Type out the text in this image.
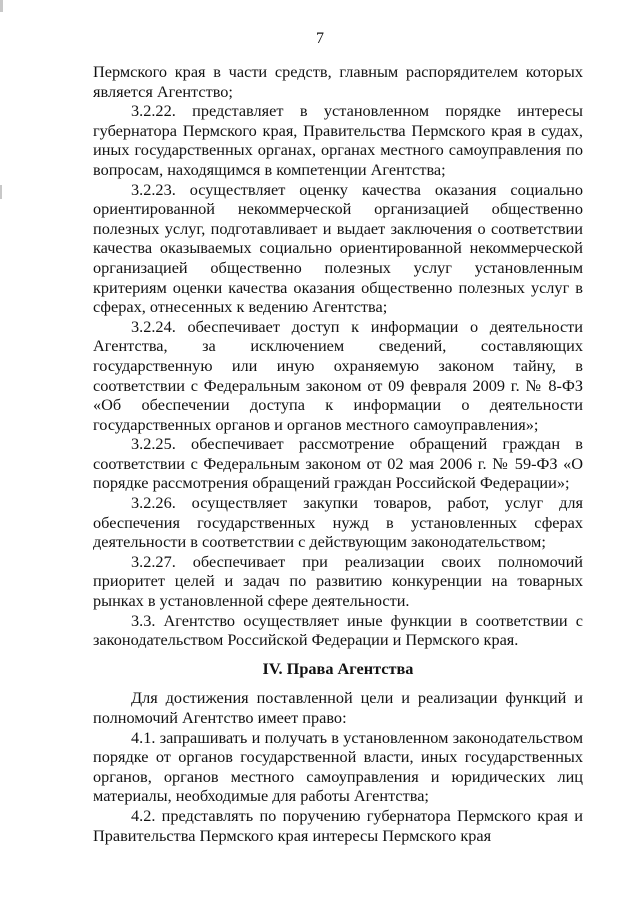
7

Пермского края в части средств, главным распорядителем которых является Агентство;

3.2.22. представляет в установленном порядке интересы губернатора Пермского края, Правительства Пермского края в судах, иных государственных органах, органах местного самоуправления по вопросам, находящимся в компетенции Агентства;

3.2.23. осуществляет оценку качества оказания социально ориентированной некоммерческой организацией общественно полезных услуг, подготавливает и выдает заключения о соответствии качества оказываемых социально ориентированной некоммерческой организацией общественно полезных услуг установленным критериям оценки качества оказания общественно полезных услуг в сферах, отнесенных к ведению Агентства;

3.2.24. обеспечивает доступ к информации о деятельности Агентства, за исключением сведений, составляющих государственную или иную охраняемую законом тайну, в соответствии с Федеральным законом от 09 февраля 2009 г. № 8-ФЗ «Об обеспечении доступа к информации о деятельности государственных органов и органов местного самоуправления»;

3.2.25. обеспечивает рассмотрение обращений граждан в соответствии с Федеральным законом от 02 мая 2006 г. № 59-ФЗ «О порядке рассмотрения обращений граждан Российской Федерации»;

3.2.26. осуществляет закупки товаров, работ, услуг для обеспечения государственных нужд в установленных сферах деятельности в соответствии с действующим законодательством;

3.2.27. обеспечивает при реализации своих полномочий приоритет целей и задач по развитию конкуренции на товарных рынках в установленной сфере деятельности.

3.3. Агентство осуществляет иные функции в соответствии с законодательством Российской Федерации и Пермского края.

IV. Права Агентства

Для достижения поставленной цели и реализации функций и полномочий Агентство имеет право:

4.1. запрашивать и получать в установленном законодательством порядке от органов государственной власти, иных государственных органов, органов местного самоуправления и юридических лиц материалы, необходимые для работы Агентства;

4.2. представлять по поручению губернатора Пермского края и Правительства Пермского края интересы Пермского края
